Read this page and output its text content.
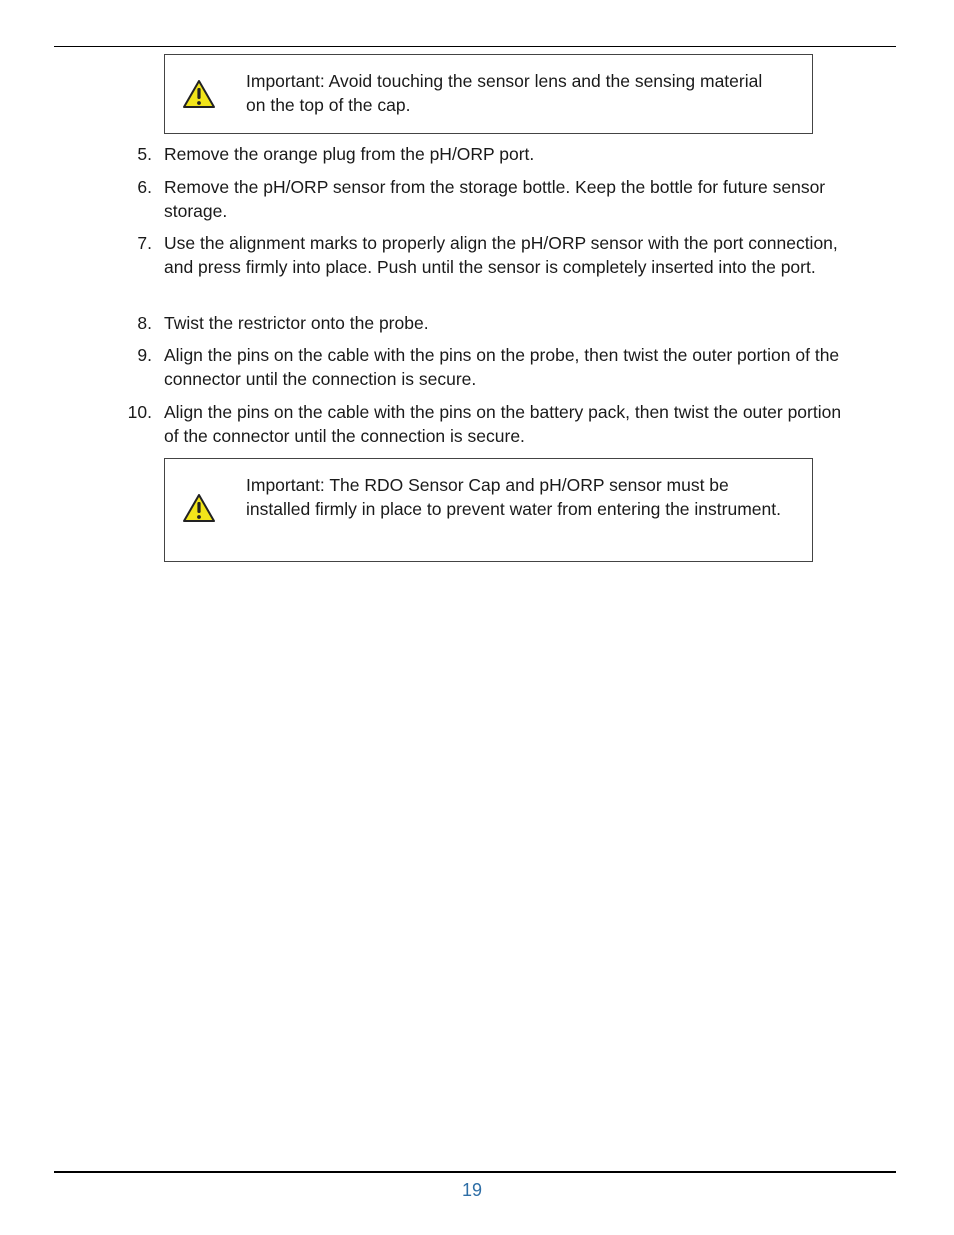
Important: Avoid touching the sensor lens and the sensing material on the top of the cap.
5. Remove the orange plug from the pH/ORP port.
6. Remove the pH/ORP sensor from the storage bottle. Keep the bottle for future sensor storage.
7. Use the alignment marks to properly align the pH/ORP sensor with the port connection, and press firmly into place. Push until the sensor is completely inserted into the port.
8. Twist the restrictor onto the probe.
9. Align the pins on the cable with the pins on the probe, then twist the outer portion of the connector until the connection is secure.
10. Align the pins on the cable with the pins on the battery pack, then twist the outer portion of the connector until the connection is secure.
Important: The RDO Sensor Cap and pH/ORP sensor must be installed firmly in place to prevent water from entering the instrument.
19
